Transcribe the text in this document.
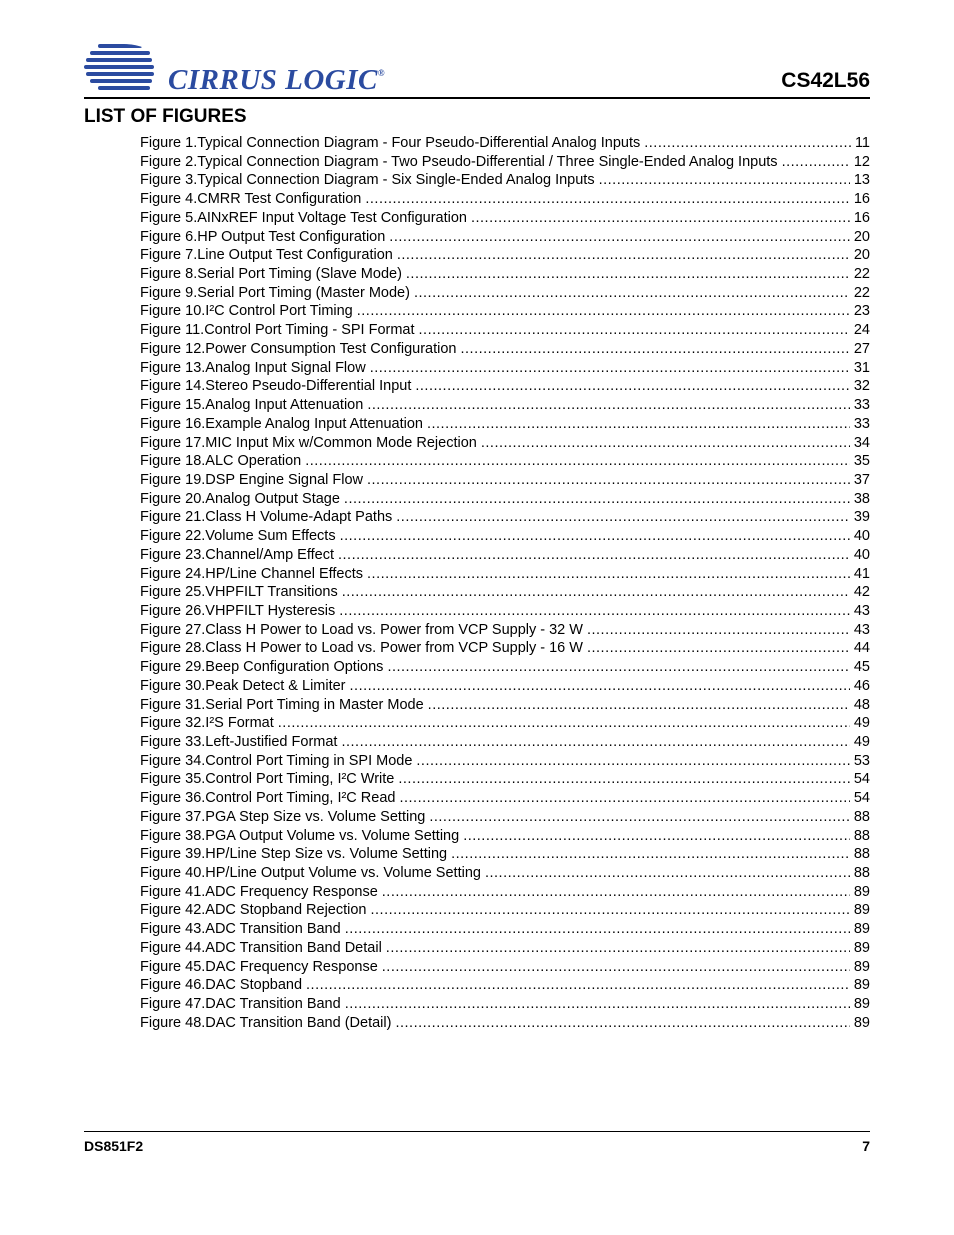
CIRRUS LOGIC®	CS42L56
LIST OF FIGURES
Figure 1.Typical Connection Diagram - Four Pseudo-Differential Analog Inputs .....	11
Figure 2.Typical Connection Diagram - Two Pseudo-Differential / Three Single-Ended Analog Inputs .....	12
Figure 3.Typical Connection Diagram - Six Single-Ended Analog Inputs .....	13
Figure 4.CMRR Test Configuration .....	16
Figure 5.AINxREF Input Voltage Test Configuration .....	16
Figure 6.HP Output Test Configuration .....	20
Figure 7.Line Output Test Configuration .....	20
Figure 8.Serial Port Timing (Slave Mode) .....	22
Figure 9.Serial Port Timing (Master Mode) .....	22
Figure 10.I²C Control Port Timing .....	23
Figure 11.Control Port Timing - SPI Format .....	24
Figure 12.Power Consumption Test Configuration .....	27
Figure 13.Analog Input Signal Flow .....	31
Figure 14.Stereo Pseudo-Differential Input .....	32
Figure 15.Analog Input Attenuation .....	33
Figure 16.Example Analog Input Attenuation .....	33
Figure 17.MIC Input Mix w/Common Mode Rejection .....	34
Figure 18.ALC Operation .....	35
Figure 19.DSP Engine Signal Flow .....	37
Figure 20.Analog Output Stage .....	38
Figure 21.Class H Volume-Adapt Paths .....	39
Figure 22.Volume Sum Effects .....	40
Figure 23.Channel/Amp Effect .....	40
Figure 24.HP/Line Channel Effects .....	41
Figure 25.VHPFILT Transitions .....	42
Figure 26.VHPFILT Hysteresis .....	43
Figure 27.Class H Power to Load vs. Power from VCP Supply - 32 W .....	43
Figure 28.Class H Power to Load vs. Power from VCP Supply - 16 W .....	44
Figure 29.Beep Configuration Options .....	45
Figure 30.Peak Detect & Limiter .....	46
Figure 31.Serial Port Timing in Master Mode .....	48
Figure 32.I²S Format .....	49
Figure 33.Left-Justified Format .....	49
Figure 34.Control Port Timing in SPI Mode .....	53
Figure 35.Control Port Timing, I²C Write .....	54
Figure 36.Control Port Timing, I²C Read .....	54
Figure 37.PGA Step Size vs. Volume Setting .....	88
Figure 38.PGA Output Volume vs. Volume Setting .....	88
Figure 39.HP/Line Step Size vs. Volume Setting .....	88
Figure 40.HP/Line Output Volume vs. Volume Setting .....	88
Figure 41.ADC Frequency Response .....	89
Figure 42.ADC Stopband Rejection .....	89
Figure 43.ADC Transition Band .....	89
Figure 44.ADC Transition Band Detail .....	89
Figure 45.DAC Frequency Response .....	89
Figure 46.DAC Stopband .....	89
Figure 47.DAC Transition Band .....	89
Figure 48.DAC Transition Band (Detail) .....	89
DS851F2	7
